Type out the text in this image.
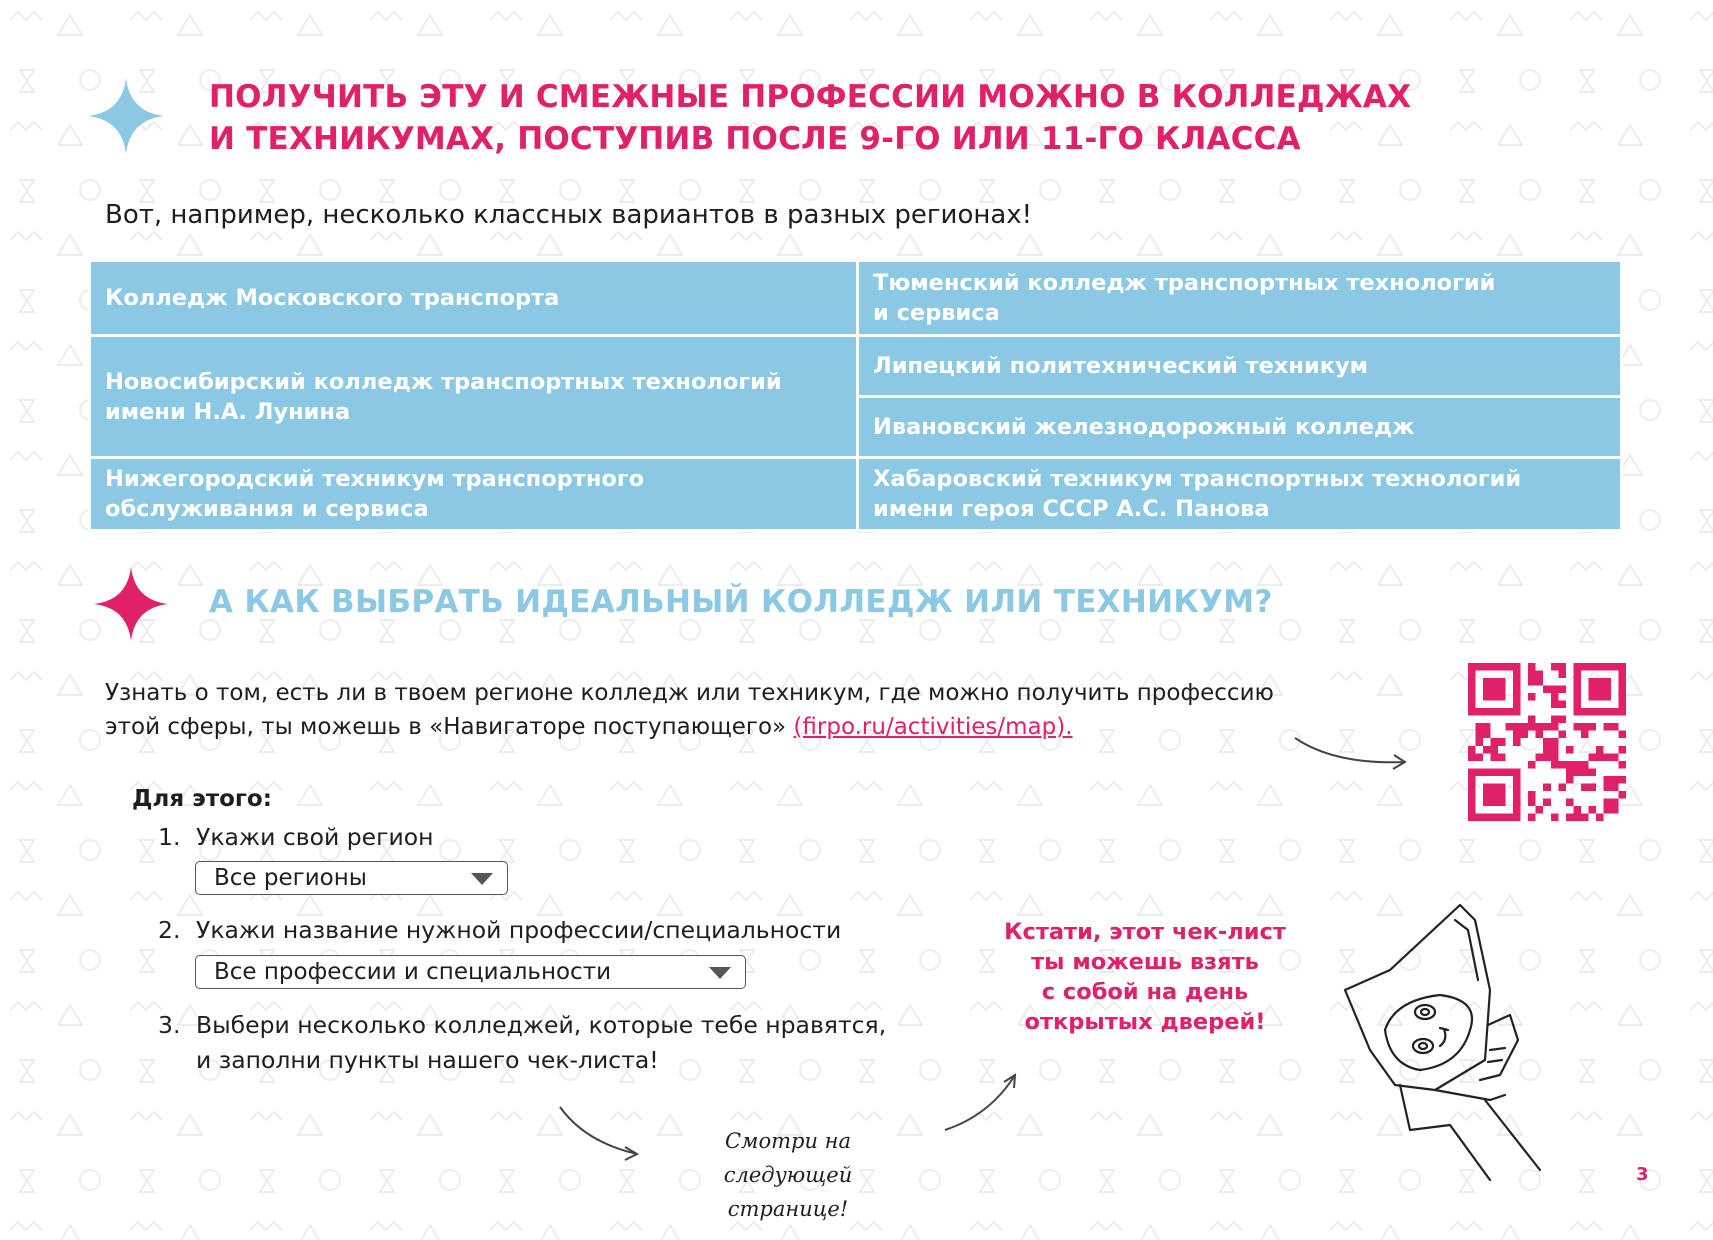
ПОЛУЧИТЬ ЭТУ И СМЕЖНЫЕ ПРОФЕССИИ МОЖНО В КОЛЛЕДЖАХ
И ТЕХНИКУМАХ, ПОСТУПИВ ПОСЛЕ 9-ГО ИЛИ 11-ГО КЛАССА
Вот, например, несколько классных вариантов в разных регионах!
Колледж Московского транспорта	Тюменский колледж транспортных технологий
и сервиса
Новосибирский колледж транспортных технологий
имени Н.А. Лунина	Липецкий политехнический техникум
	Ивановский железнодорожный колледж
Нижегородский техникум транспортного
обслуживания и сервиса	Хабаровский техникум транспортных технологий
имени героя СССР А.С. Панова
А КАК ВЫБРАТЬ ИДЕАЛЬНЫЙ КОЛЛЕДЖ ИЛИ ТЕХНИКУМ?
Узнать о том, есть ли в твоем регионе колледж или техникум, где можно получить профессию
этой сферы, ты можешь в «Навигаторе поступающего» (firpo.ru/activities/map).
Для этого:
1. Укажи свой регион
Все регионы
2. Укажи название нужной профессии/специальности
Все профессии и специальности
3. Выбери несколько колледжей, которые тебе нравятся,
и заполни пункты нашего чек-листа!
Кстати, этот чек-лист
ты можешь взять
с собой на день
открытых дверей!
Смотри на следующей
странице!
3
